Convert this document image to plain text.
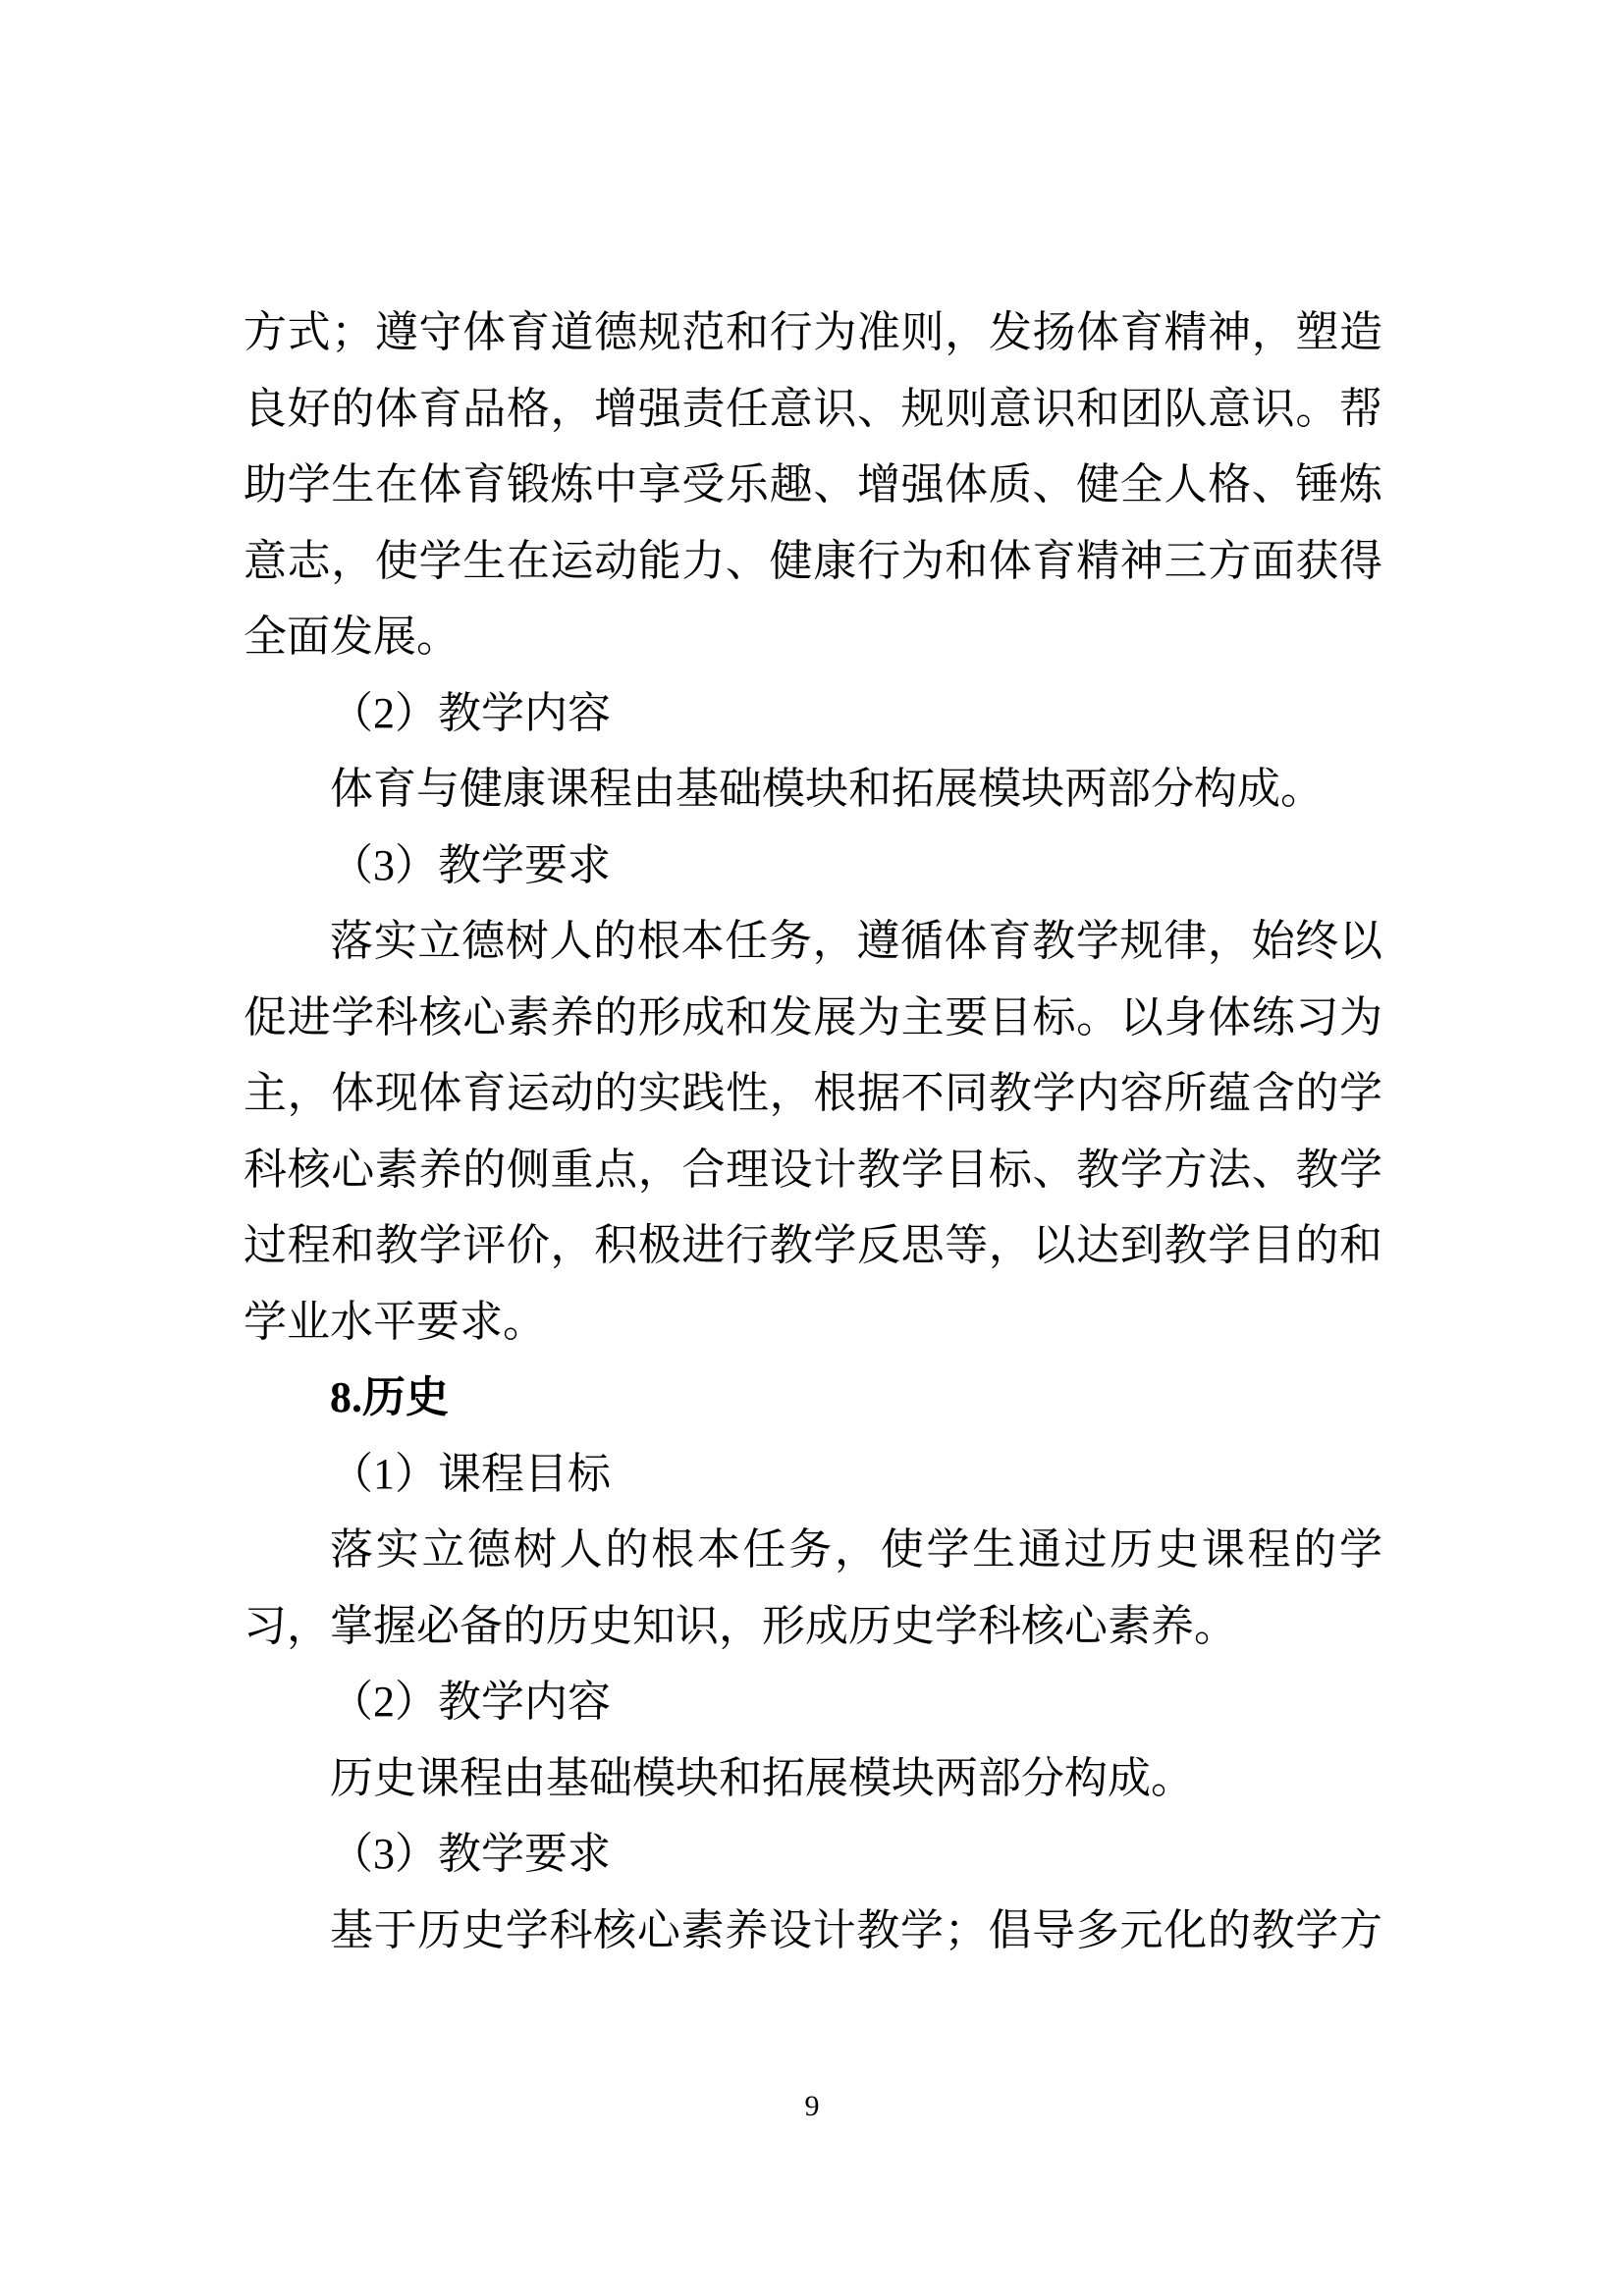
方式；遵守体育道德规范和行为准则，发扬体育精神，塑造
良好的体育品格，增强责任意识、规则意识和团队意识。帮
助学生在体育锻炼中享受乐趣、增强体质、健全人格、锤炼
意志，使学生在运动能力、健康行为和体育精神三方面获得
全面发展。
（2）教学内容
体育与健康课程由基础模块和拓展模块两部分构成。
（3）教学要求
落实立德树人的根本任务，遵循体育教学规律，始终以
促进学科核心素养的形成和发展为主要目标。以身体练习为
主，体现体育运动的实践性，根据不同教学内容所蕴含的学
科核心素养的侧重点，合理设计教学目标、教学方法、教学
过程和教学评价，积极进行教学反思等，以达到教学目的和
学业水平要求。
8.历史
（1）课程目标
落实立德树人的根本任务，使学生通过历史课程的学
习，掌握必备的历史知识，形成历史学科核心素养。
（2）教学内容
历史课程由基础模块和拓展模块两部分构成。
（3）教学要求
基于历史学科核心素养设计教学；倡导多元化的教学方
9
